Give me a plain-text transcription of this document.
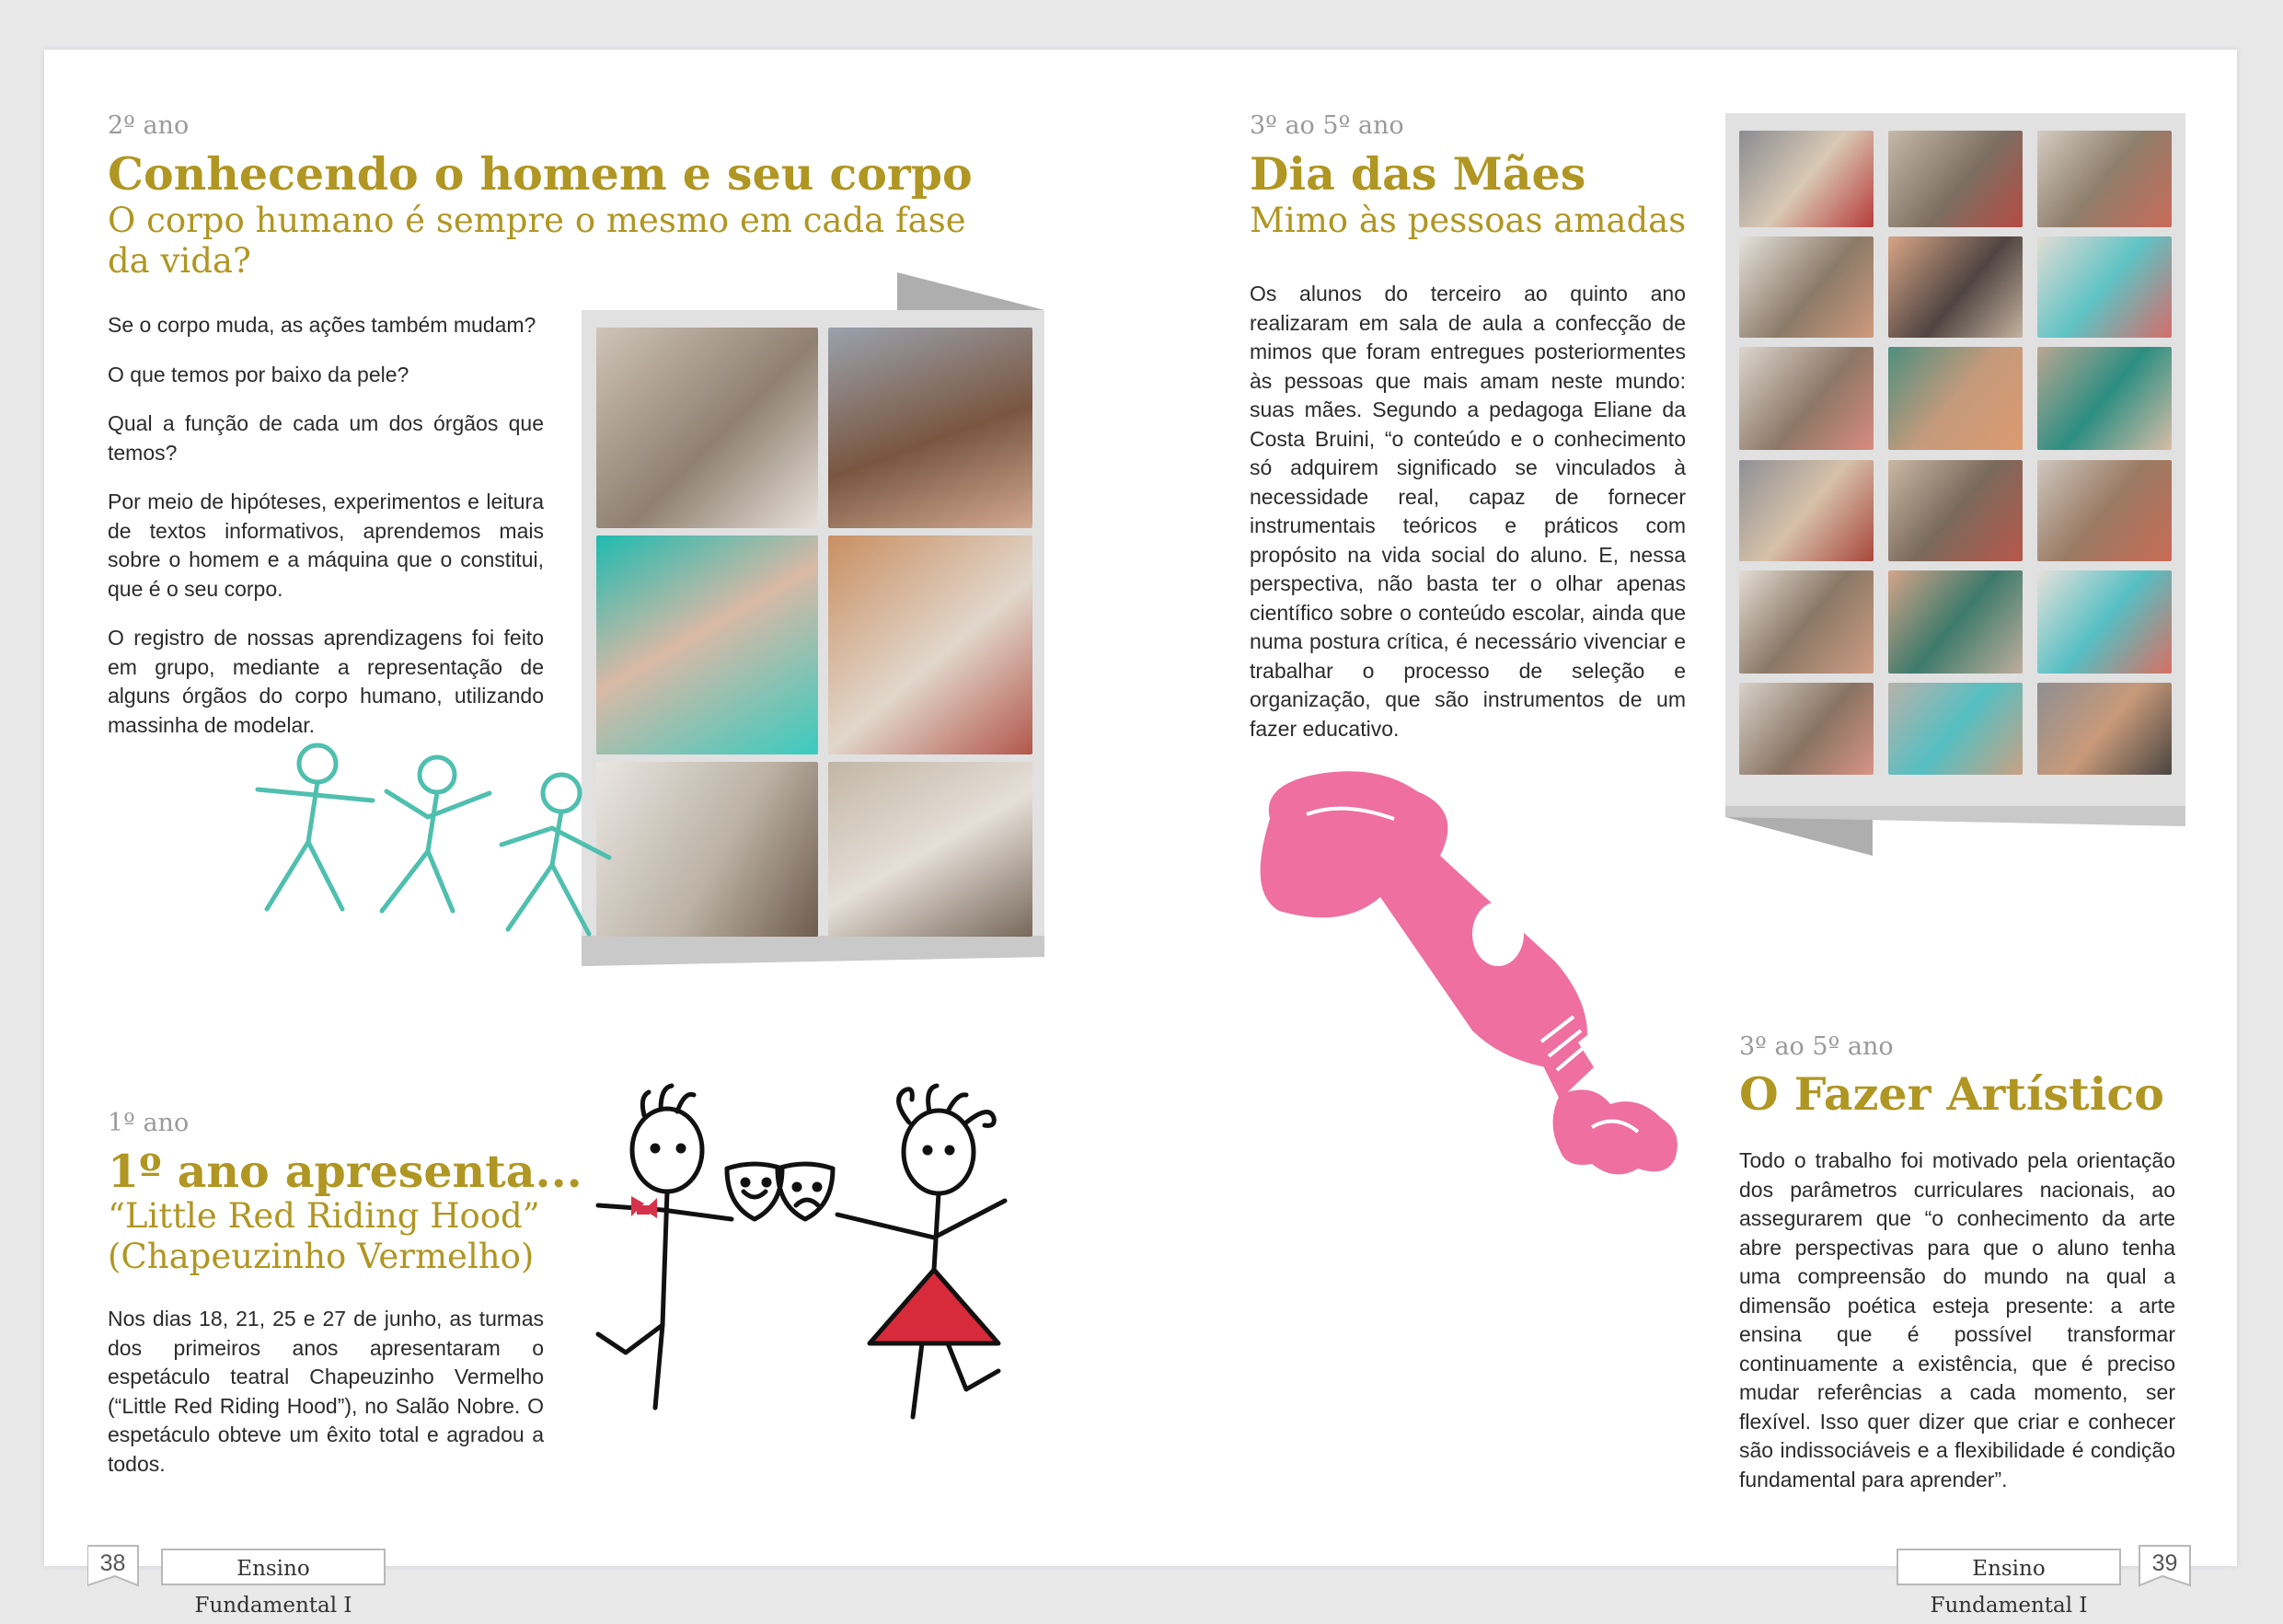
2º ano
Conhecendo o homem e seu corpo
O corpo humano é sempre o mesmo em cada fase da vida?

Se o corpo muda, as ações também mudam?

O que temos por baixo da pele?

Qual a função de cada um dos órgãos que temos?

Por meio de hipóteses, experimentos e leitura de textos informativos, aprendemos mais sobre o homem e a máquina que o constitui, que é o seu corpo.

O registro de nossas aprendizagens foi feito em grupo, mediante a representação de alguns órgãos do corpo humano, utilizando massinha de modelar.

1º ano
1º ano apresenta...
“Little Red Riding Hood”
(Chapeuzinho Vermelho)

Nos dias 18, 21, 25 e 27 de junho, as turmas dos primeiros anos apresentaram o espetáculo teatral Chapeuzinho Vermelho (“Little Red Riding Hood”), no Salão Nobre. O espetáculo obteve um êxito total e agradou a todos.

38	Ensino Fundamental I
3º ao 5º ano
Dia das Mães
Mimo às pessoas amadas

Os alunos do terceiro ao quinto ano realizaram em sala de aula a confecção de mimos que foram entregues posteriormentes às pessoas que mais amam neste mundo: suas mães. Segundo a pedagoga Eliane da Costa Bruini, “o conteúdo e o conhecimento só adquirem significado se vinculados à necessidade real, capaz de fornecer instrumentais teóricos e práticos com propósito na vida social do aluno. E, nessa perspectiva, não basta ter o olhar apenas científico sobre o conteúdo escolar, ainda que numa postura crítica, é necessário vivenciar e trabalhar o processo de seleção e organização, que são instrumentos de um fazer educativo.

3º ao 5º ano
O Fazer Artístico

Todo o trabalho foi motivado pela orientação dos parâmetros curriculares nacionais, ao assegurarem que “o conhecimento da arte abre perspectivas para que o aluno tenha uma compreensão do mundo na qual a dimensão poética esteja presente: a arte ensina que é possível transformar continuamente a existência, que é preciso mudar referências a cada momento, ser flexível. Isso quer dizer que criar e conhecer são indissociáveis e a flexibilidade é condição fundamental para aprender”.

Ensino Fundamental I
39
